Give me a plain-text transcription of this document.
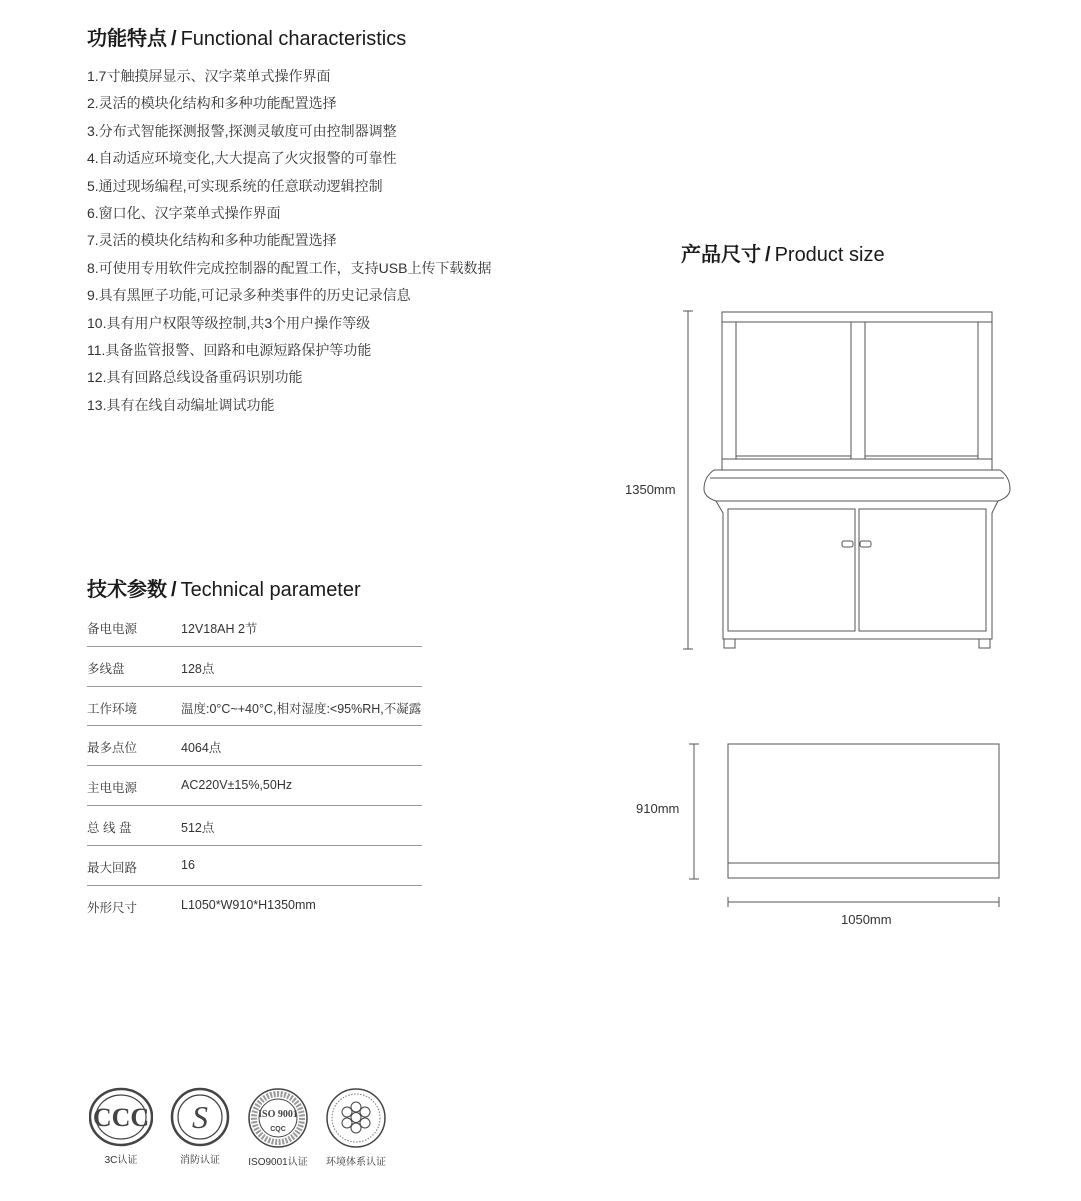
功能特点 / Functional characteristics
1.7寸触摸屏显示、汉字菜单式操作界面
2.灵活的模块化结构和多种功能配置选择
3.分布式智能探测报警,探测灵敏度可由控制器调整
4.自动适应环境变化,大大提高了火灾报警的可靠性
5.通过现场编程,可实现系统的任意联动逻辑控制
6.窗口化、汉字菜单式操作界面
7.灵活的模块化结构和多种功能配置选择
8.可使用专用软件完成控制器的配置工作，支持USB上传下载数据
9.具有黑匣子功能,可记录多种类事件的历史记录信息
10.具有用户权限等级控制,共3个用户操作等级
11.具备监管报警、回路和电源短路保护等功能
12.具有回路总线设备重码识别功能
13.具有在线自动编址调试功能
技术参数 / Technical parameter
备电电源	12V18AH 2节
多线盘	128点
工作环境	温度:0°C~+40°C,相对湿度:<95%RH,不凝露
最多点位	4064点
主电电源	AC220V±15%,50Hz
总 线 盘	512点
最大回路	16
外形尺寸	L1050*W910*H1350mm
产品尺寸 / Product size
1350mm
910mm
1050mm
CCC
3C认证
S
消防认证
ISO 9001
CQC
ISO9001认证	环境体系认证
